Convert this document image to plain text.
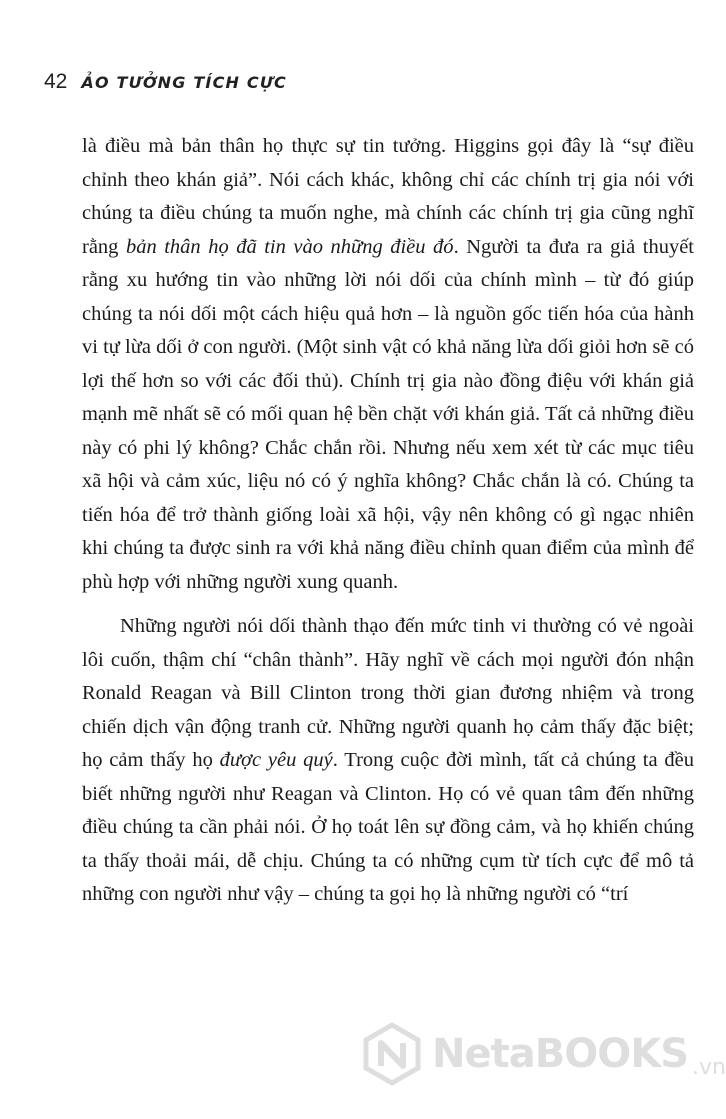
42 ẢO TƯỞNG TÍCH CỰC

là điều mà bản thân họ thực sự tin tưởng. Higgins gọi đây là “sự điều chỉnh theo khán giả”. Nói cách khác, không chỉ các chính trị gia nói với chúng ta điều chúng ta muốn nghe, mà chính các chính trị gia cũng nghĩ rằng bản thân họ đã tin vào những điều đó. Người ta đưa ra giả thuyết rằng xu hướng tin vào những lời nói dối của chính mình – từ đó giúp chúng ta nói dối một cách hiệu quả hơn – là nguồn gốc tiến hóa của hành vi tự lừa dối ở con người. (Một sinh vật có khả năng lừa dối giỏi hơn sẽ có lợi thế hơn so với các đối thủ). Chính trị gia nào đồng điệu với khán giả mạnh mẽ nhất sẽ có mối quan hệ bền chặt với khán giả. Tất cả những điều này có phi lý không? Chắc chắn rồi. Nhưng nếu xem xét từ các mục tiêu xã hội và cảm xúc, liệu nó có ý nghĩa không? Chắc chắn là có. Chúng ta tiến hóa để trở thành giống loài xã hội, vậy nên không có gì ngạc nhiên khi chúng ta được sinh ra với khả năng điều chỉnh quan điểm của mình để phù hợp với những người xung quanh.

Những người nói dối thành thạo đến mức tinh vi thường có vẻ ngoài lôi cuốn, thậm chí “chân thành”. Hãy nghĩ về cách mọi người đón nhận Ronald Reagan và Bill Clinton trong thời gian đương nhiệm và trong chiến dịch vận động tranh cử. Những người quanh họ cảm thấy đặc biệt; họ cảm thấy họ được yêu quý. Trong cuộc đời mình, tất cả chúng ta đều biết những người như Reagan và Clinton. Họ có vẻ quan tâm đến những điều chúng ta cần phải nói. Ở họ toát lên sự đồng cảm, và họ khiến chúng ta thấy thoải mái, dễ chịu. Chúng ta có những cụm từ tích cực để mô tả những con người như vậy – chúng ta gọi họ là những người có “trí

NetaBOOKS .vn
